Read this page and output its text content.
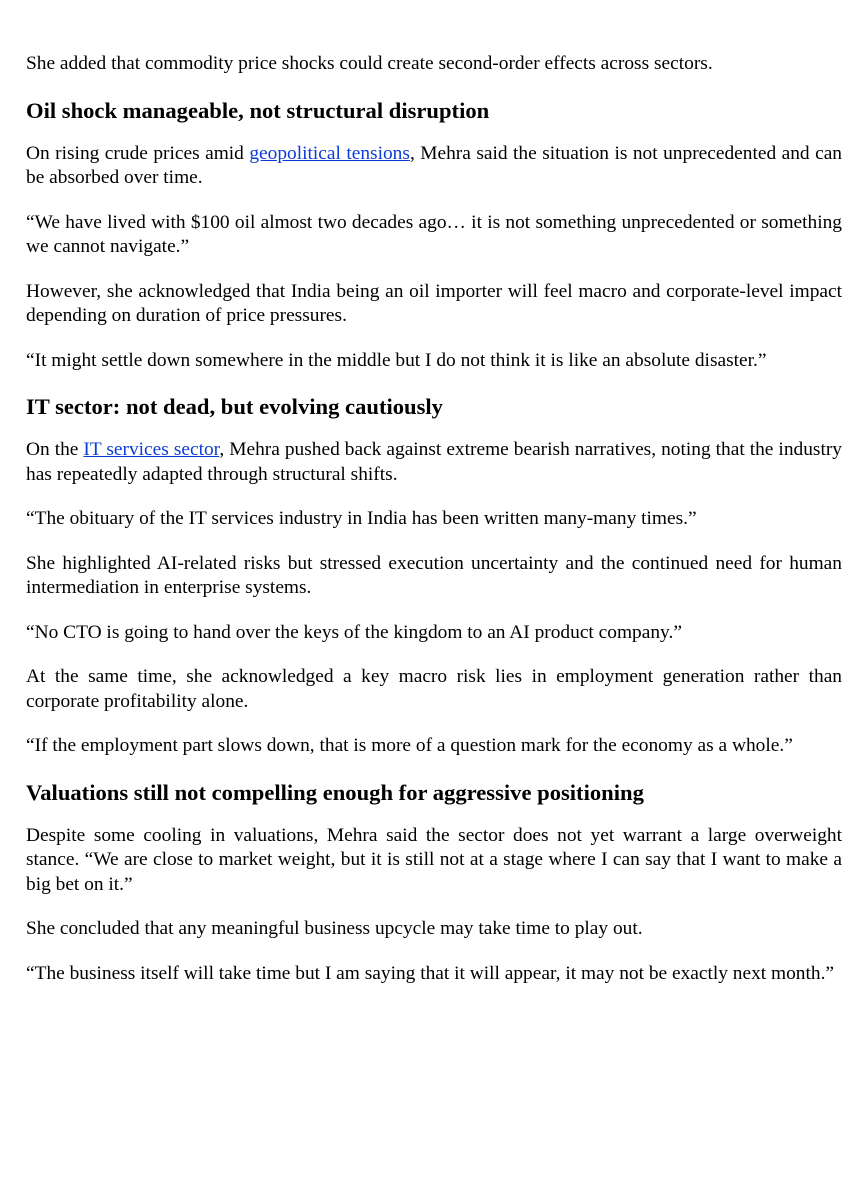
She added that commodity price shocks could create second-order effects across sectors.

Oil shock manageable, not structural disruption

On rising crude prices amid geopolitical tensions, Mehra said the situation is not unprecedented and can be absorbed over time.

“We have lived with $100 oil almost two decades ago… it is not something unprecedented or something we cannot navigate.”

However, she acknowledged that India being an oil importer will feel macro and corporate-level impact depending on duration of price pressures.

“It might settle down somewhere in the middle but I do not think it is like an absolute disaster.”

IT sector: not dead, but evolving cautiously

On the IT services sector, Mehra pushed back against extreme bearish narratives, noting that the industry has repeatedly adapted through structural shifts.

“The obituary of the IT services industry in India has been written many-many times.”

She highlighted AI-related risks but stressed execution uncertainty and the continued need for human intermediation in enterprise systems.

“No CTO is going to hand over the keys of the kingdom to an AI product company.”

At the same time, she acknowledged a key macro risk lies in employment generation rather than corporate profitability alone.

“If the employment part slows down, that is more of a question mark for the economy as a whole.”

Valuations still not compelling enough for aggressive positioning

Despite some cooling in valuations, Mehra said the sector does not yet warrant a large overweight stance. “We are close to market weight, but it is still not at a stage where I can say that I want to make a big bet on it.”

She concluded that any meaningful business upcycle may take time to play out.

“The business itself will take time but I am saying that it will appear, it may not be exactly next month.”
